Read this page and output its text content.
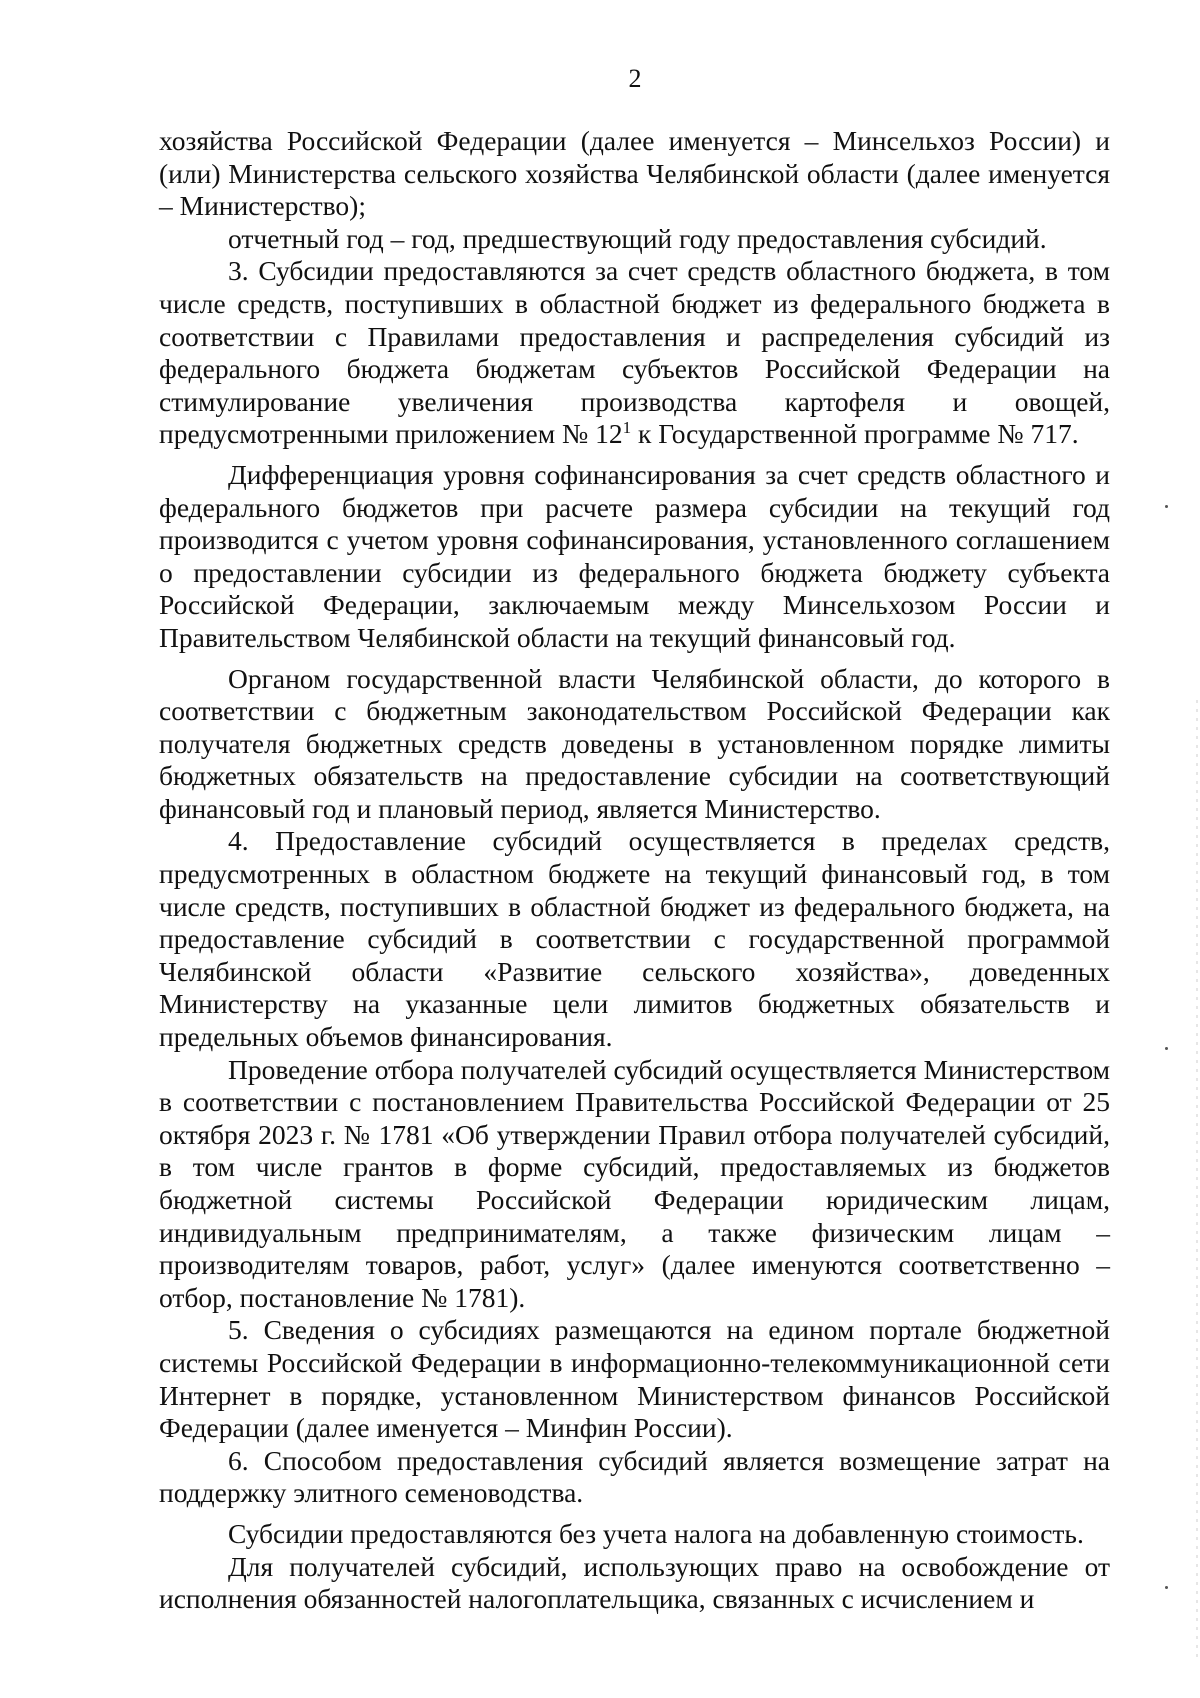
2

хозяйства Российской Федерации (далее именуется – Минсельхоз России) и (или) Министерства сельского хозяйства Челябинской области (далее именуется – Министерство);

отчетный год – год, предшествующий году предоставления субсидий.

3. Субсидии предоставляются за счет средств областного бюджета, в том числе средств, поступивших в областной бюджет из федерального бюджета в соответствии с Правилами предоставления и распределения субсидий из федерального бюджета бюджетам субъектов Российской Федерации на стимулирование увеличения производства картофеля и овощей, предусмотренными приложением № $12^1$ к Государственной программе № 717.

Дифференциация уровня софинансирования за счет средств областного и федерального бюджетов при расчете размера субсидии на текущий год производится с учетом уровня софинансирования, установленного соглашением о предоставлении субсидии из федерального бюджета бюджету субъекта Российской Федерации, заключаемым между Минсельхозом России и Правительством Челябинской области на текущий финансовый год.

Органом государственной власти Челябинской области, до которого в соответствии с бюджетным законодательством Российской Федерации как получателя бюджетных средств доведены в установленном порядке лимиты бюджетных обязательств на предоставление субсидии на соответствующий финансовый год и плановый период, является Министерство.

4. Предоставление субсидий осуществляется в пределах средств, предусмотренных в областном бюджете на текущий финансовый год, в том числе средств, поступивших в областной бюджет из федерального бюджета, на предоставление субсидий в соответствии с государственной программой Челябинской области «Развитие сельского хозяйства», доведенных Министерству на указанные цели лимитов бюджетных обязательств и предельных объемов финансирования.

Проведение отбора получателей субсидий осуществляется Министерством в соответствии с постановлением Правительства Российской Федерации от 25 октября 2023 г. № 1781 «Об утверждении Правил отбора получателей субсидий, в том числе грантов в форме субсидий, предоставляемых из бюджетов бюджетной системы Российской Федерации юридическим лицам, индивидуальным предпринимателям, а также физическим лицам – производителям товаров, работ, услуг» (далее именуются соответственно – отбор, постановление № 1781).

5. Сведения о субсидиях размещаются на едином портале бюджетной системы Российской Федерации в информационно-телекоммуникационной сети Интернет в порядке, установленном Министерством финансов Российской Федерации (далее именуется – Минфин России).

6. Способом предоставления субсидий является возмещение затрат на поддержку элитного семеноводства.

Субсидии предоставляются без учета налога на добавленную стоимость.

Для получателей субсидий, использующих право на освобождение от исполнения обязанностей налогоплательщика, связанных с исчислением и
